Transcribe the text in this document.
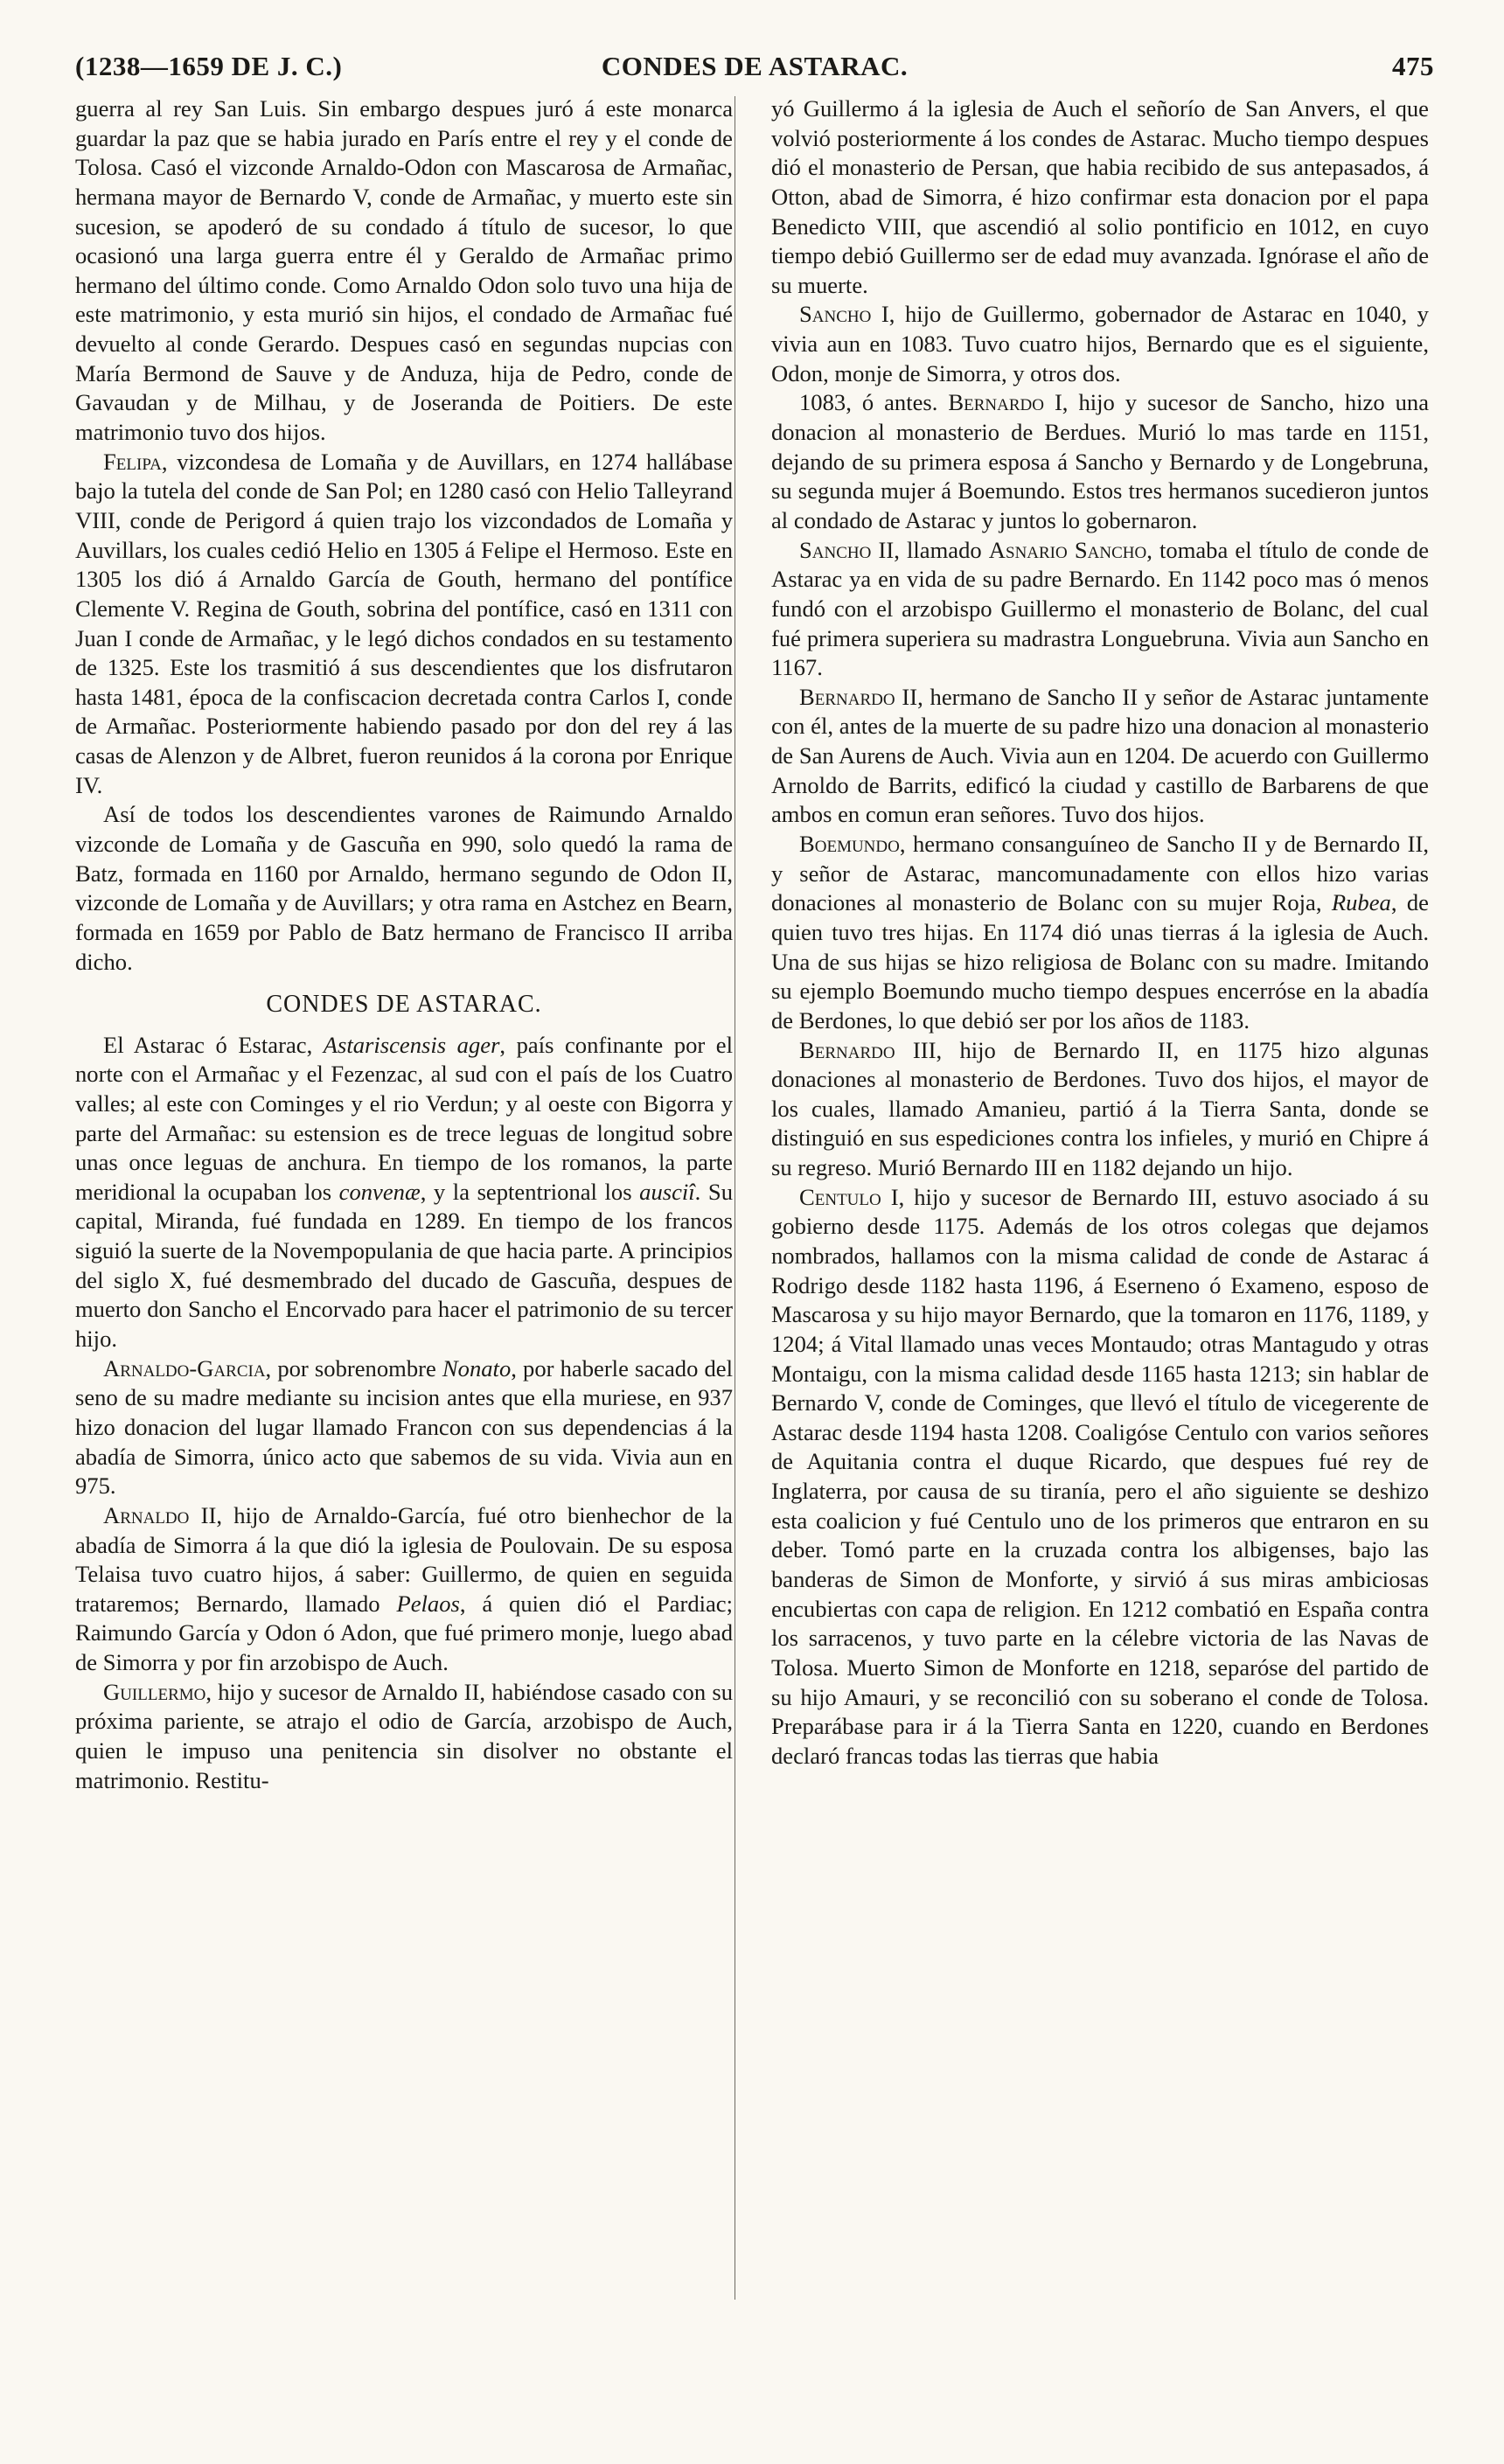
(1238—1659 DE J. C.)	CONDES DE ASTARAC.	475

guerra al rey San Luis. Sin embargo despues juró á este monarca guardar la paz que se habia jurado en París entre el rey y el conde de Tolosa. Casó el vizconde Arnaldo-Odon con Mascarosa de Armañac, hermana mayor de Bernardo V, conde de Armañac, y muerto este sin sucesion, se apoderó de su condado á título de sucesor, lo que ocasionó una larga guerra entre él y Geraldo de Armañac primo hermano del último conde. Como Arnaldo Odon solo tuvo una hija de este matrimonio, y esta murió sin hijos, el condado de Armañac fué devuelto al conde Gerardo. Despues casó en segundas nupcias con María Bermond de Sauve y de Anduza, hija de Pedro, conde de Gavaudan y de Milhau, y de Joseranda de Poitiers. De este matrimonio tuvo dos hijos.

Felipa, vizcondesa de Lomaña y de Auvillars, en 1274 hallábase bajo la tutela del conde de San Pol; en 1280 casó con Helio Talleyrand VIII, conde de Perigord á quien trajo los vizcondados de Lomaña y Auvillars, los cuales cedió Helio en 1305 á Felipe el Hermoso. Este en 1305 los dió á Arnaldo García de Gouth, hermano del pontífice Clemente V. Regina de Gouth, sobrina del pontífice, casó en 1311 con Juan I conde de Armañac, y le legó dichos condados en su testamento de 1325. Este los trasmitió á sus descendientes que los disfrutaron hasta 1481, época de la confiscacion decretada contra Carlos I, conde de Armañac. Posteriormente habiendo pasado por don del rey á las casas de Alenzon y de Albret, fueron reunidos á la corona por Enrique IV.

Así de todos los descendientes varones de Raimundo Arnaldo vizconde de Lomaña y de Gascuña en 990, solo quedó la rama de Batz, formada en 1160 por Arnaldo, hermano segundo de Odon II, vizconde de Lomaña y de Auvillars; y otra rama en Astchez en Bearn, formada en 1659 por Pablo de Batz hermano de Francisco II arriba dicho.

CONDES DE ASTARAC.

El Astarac ó Estarac, Astariscensis ager, país confinante por el norte con el Armañac y el Fezenzac, al sud con el país de los Cuatro valles; al este con Cominges y el rio Verdun; y al oeste con Bigorra y parte del Armañac: su estension es de trece leguas de longitud sobre unas once leguas de anchura. En tiempo de los romanos, la parte meridional la ocupaban los convenæ, y la septentrional los ausciî. Su capital, Miranda, fué fundada en 1289. En tiempo de los francos siguió la suerte de la Novempopulania de que hacia parte. A principios del siglo X, fué desmembrado del ducado de Gascuña, despues de muerto don Sancho el Encorvado para hacer el patrimonio de su tercer hijo.

Arnaldo-Garcia, por sobrenombre Nonato, por haberle sacado del seno de su madre mediante su incision antes que ella muriese, en 937 hizo donacion del lugar llamado Francon con sus dependencias á la abadía de Simorra, único acto que sabemos de su vida. Vivia aun en 975.

Arnaldo II, hijo de Arnaldo-García, fué otro bienhechor de la abadía de Simorra á la que dió la iglesia de Poulovain. De su esposa Telaisa tuvo cuatro hijos, á saber: Guillermo, de quien en seguida trataremos; Bernardo, llamado Pelaos, á quien dió el Pardiac; Raimundo García y Odon ó Adon, que fué primero monje, luego abad de Simorra y por fin arzobispo de Auch.

Guillermo, hijo y sucesor de Arnaldo II, habiéndose casado con su próxima pariente, se atrajo el odio de García, arzobispo de Auch, quien le impuso una penitencia sin disolver no obstante el matrimonio. Restitu-

yó Guillermo á la iglesia de Auch el señorío de San Anvers, el que volvió posteriormente á los condes de Astarac. Mucho tiempo despues dió el monasterio de Persan, que habia recibido de sus antepasados, á Otton, abad de Simorra, é hizo confirmar esta donacion por el papa Benedicto VIII, que ascendió al solio pontificio en 1012, en cuyo tiempo debió Guillermo ser de edad muy avanzada. Ignórase el año de su muerte.

Sancho I, hijo de Guillermo, gobernador de Astarac en 1040, y vivia aun en 1083. Tuvo cuatro hijos, Bernardo que es el siguiente, Odon, monje de Simorra, y otros dos.

1083, ó antes. Bernardo I, hijo y sucesor de Sancho, hizo una donacion al monasterio de Berdues. Murió lo mas tarde en 1151, dejando de su primera esposa á Sancho y Bernardo y de Longebruna, su segunda mujer á Boemundo. Estos tres hermanos sucedieron juntos al condado de Astarac y juntos lo gobernaron.

Sancho II, llamado Asnario Sancho, tomaba el título de conde de Astarac ya en vida de su padre Bernardo. En 1142 poco mas ó menos fundó con el arzobispo Guillermo el monasterio de Bolanc, del cual fué primera superiera su madrastra Longuebruna. Vivia aun Sancho en 1167.

Bernardo II, hermano de Sancho II y señor de Astarac juntamente con él, antes de la muerte de su padre hizo una donacion al monasterio de San Aurens de Auch. Vivia aun en 1204. De acuerdo con Guillermo Arnoldo de Barrits, edificó la ciudad y castillo de Barbarens de que ambos en comun eran señores. Tuvo dos hijos.

Boemundo, hermano consanguíneo de Sancho II y de Bernardo II, y señor de Astarac, mancomunadamente con ellos hizo varias donaciones al monasterio de Bolanc con su mujer Roja, Rubea, de quien tuvo tres hijas. En 1174 dió unas tierras á la iglesia de Auch. Una de sus hijas se hizo religiosa de Bolanc con su madre. Imitando su ejemplo Boemundo mucho tiempo despues encerróse en la abadía de Berdones, lo que debió ser por los años de 1183.

Bernardo III, hijo de Bernardo II, en 1175 hizo algunas donaciones al monasterio de Berdones. Tuvo dos hijos, el mayor de los cuales, llamado Amanieu, partió á la Tierra Santa, donde se distinguió en sus espediciones contra los infieles, y murió en Chipre á su regreso. Murió Bernardo III en 1182 dejando un hijo.

Centulo I, hijo y sucesor de Bernardo III, estuvo asociado á su gobierno desde 1175. Además de los otros colegas que dejamos nombrados, hallamos con la misma calidad de conde de Astarac á Rodrigo desde 1182 hasta 1196, á Eserneno ó Exameno, esposo de Mascarosa y su hijo mayor Bernardo, que la tomaron en 1176, 1189, y 1204; á Vital llamado unas veces Montaudo; otras Mantagudo y otras Montaigu, con la misma calidad desde 1165 hasta 1213; sin hablar de Bernardo V, conde de Cominges, que llevó el título de vicegerente de Astarac desde 1194 hasta 1208. Coaligóse Centulo con varios señores de Aquitania contra el duque Ricardo, que despues fué rey de Inglaterra, por causa de su tiranía, pero el año siguiente se deshizo esta coalicion y fué Centulo uno de los primeros que entraron en su deber. Tomó parte en la cruzada contra los albigenses, bajo las banderas de Simon de Monforte, y sirvió á sus miras ambiciosas encubiertas con capa de religion. En 1212 combatió en España contra los sarracenos, y tuvo parte en la célebre victoria de las Navas de Tolosa. Muerto Simon de Monforte en 1218, separóse del partido de su hijo Amauri, y se reconcilió con su soberano el conde de Tolosa. Preparábase para ir á la Tierra Santa en 1220, cuando en Berdones declaró francas todas las tierras que habia
